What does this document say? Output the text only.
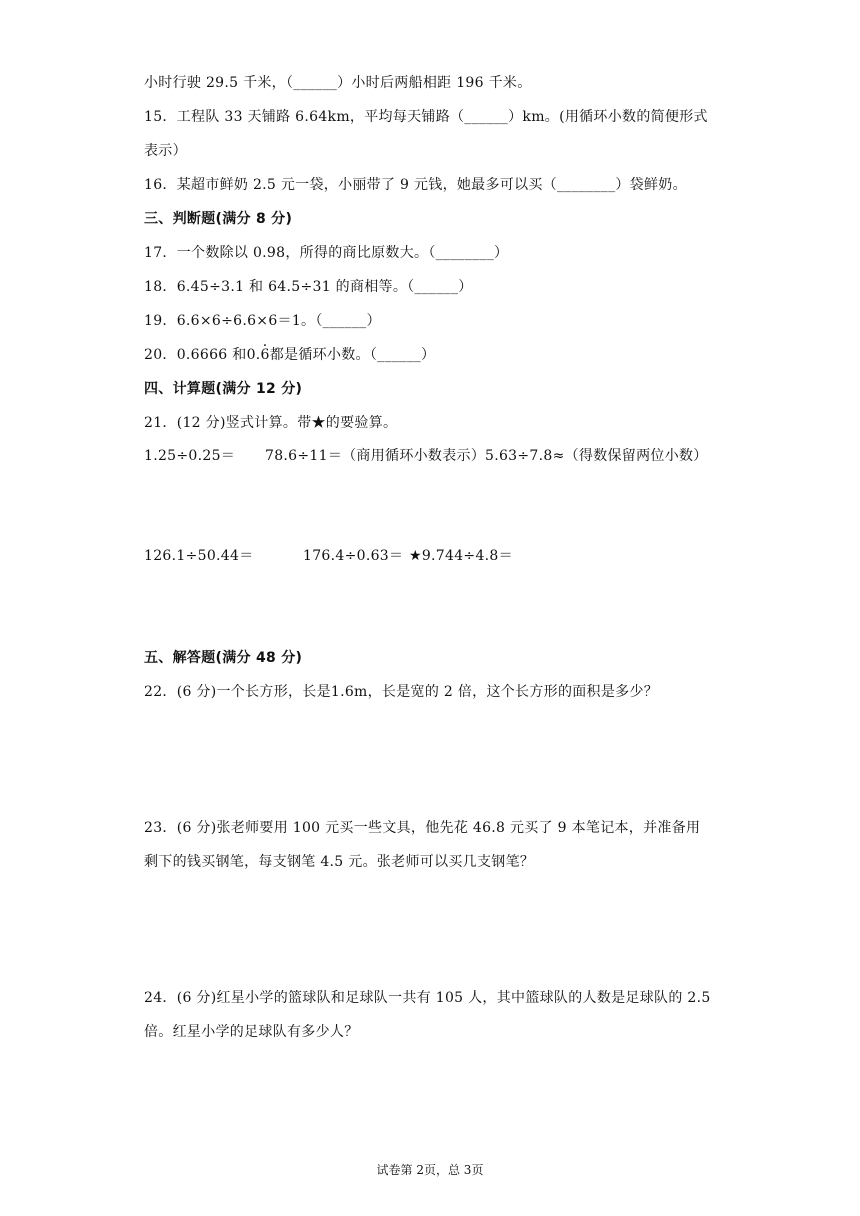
小时行驶 29.5 千米，（______）小时后两船相距 196 千米。
15．工程队 33 天铺路 6.64km，平均每天铺路（______）km。(用循环小数的简便形式
表示）
16．某超市鲜奶 2.5 元一袋，小丽带了 9 元钱，她最多可以买（________）袋鲜奶。
三、判断题(满分 8 分)
17．一个数除以 0.98，所得的商比原数大。（________）
18．6.45÷3.1 和 64.5÷31 的商相等。（______）
19．6.6×6÷6.6×6＝1。（______）
20．0.6666 和0.6 ·都是循环小数。（______）
四、计算题(满分 12 分)
21．(12 分)竖式计算。带★的要验算。
1.25÷0.25＝ 78.6÷11＝（商用循环小数表示） 5.63÷7.8≈（得数保留两位小数）
126.1÷50.44＝	176.4÷0.63＝ ★9.744÷4.8＝
五、解答题(满分 48 分)
22．(6 分)一个长方形，长是1.6m，长是宽的 2 倍，这个长方形的面积是多少？
23．(6 分)张老师要用 100 元买一些文具，他先花 46.8 元买了 9 本笔记本，并准备用
剩下的钱买钢笔，每支钢笔 4.5 元。张老师可以买几支钢笔？
24．(6 分)红星小学的篮球队和足球队一共有 105 人，其中篮球队的人数是足球队的 2.5
倍。红星小学的足球队有多少人？
试卷第 2页，总 3页
